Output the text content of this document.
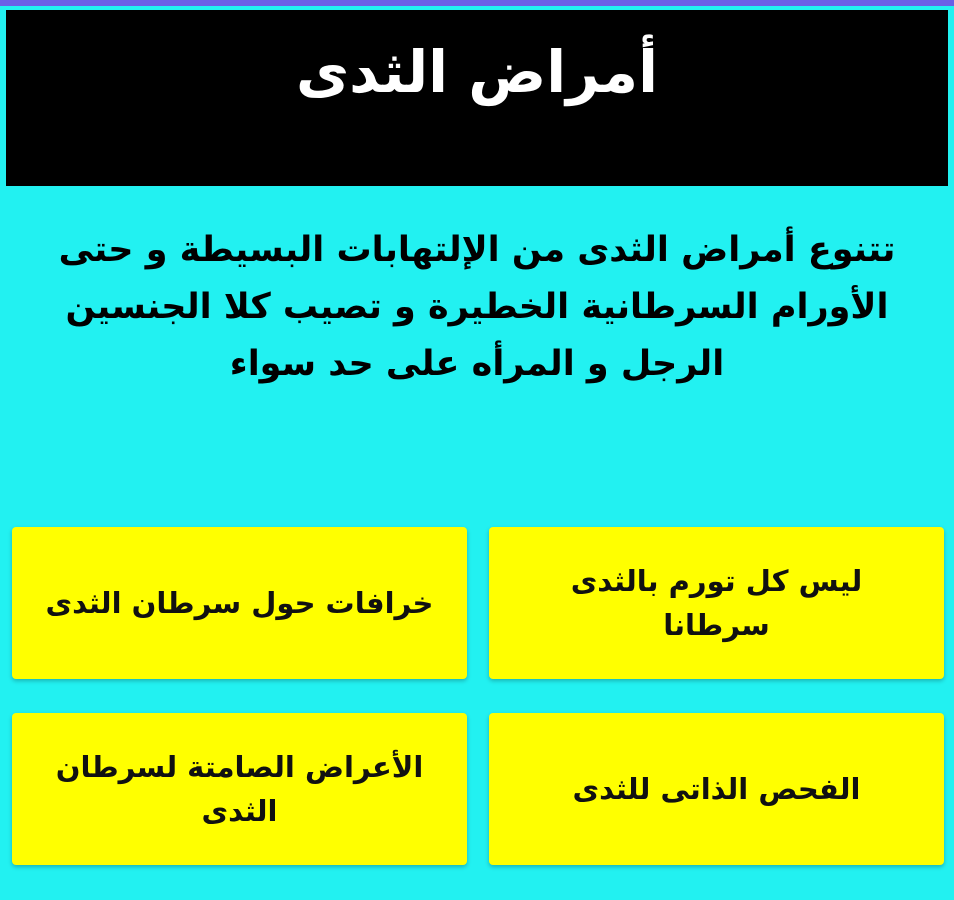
أمراض الثدى
تتنوع أمراض الثدى من الإلتهابات البسيطة و حتى الأورام السرطانية الخطيرة و تصيب كلا الجنسين الرجل و المرأه على حد سواء
ليس كل تورم بالثدى سرطانا
خرافات حول سرطان الثدى
الفحص الذاتى للثدى
الأعراض الصامتة لسرطان الثدى
